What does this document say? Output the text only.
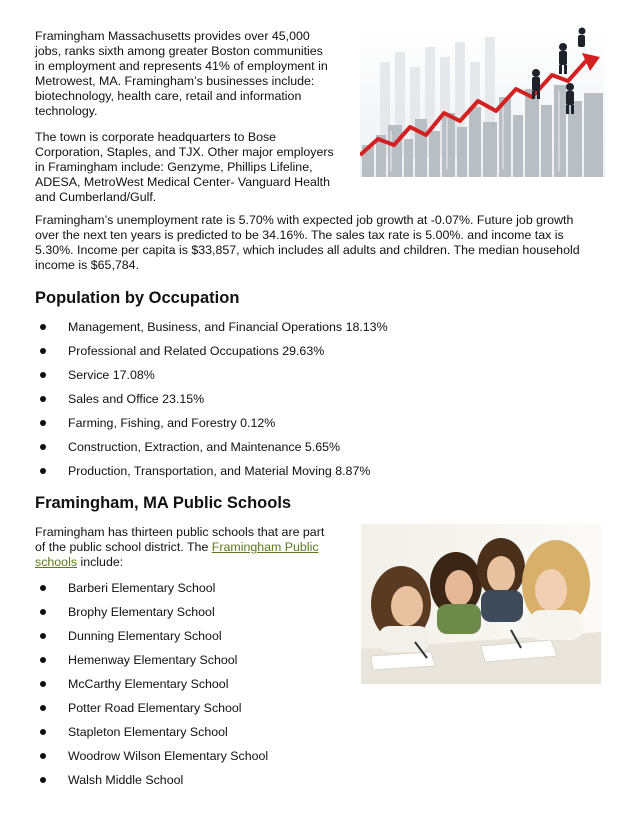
Framingham Massachusetts provides over 45,000
jobs, ranks sixth among greater Boston communities
in employment and represents 41% of employment in
Metrowest, MA. Framingham’s businesses include:
biotechnology, health care, retail and information
technology.
The town is corporate headquarters to Bose
Corporation, Staples, and TJX. Other major employers
in Framingham include: Genzyme, Phillips Lifeline,
ADESA, MetroWest Medical Center- Vanguard Health
and Cumberland/Gulf.
Framingham’s unemployment rate is 5.70% with expected job growth at -0.07%. Future job growth
over the next ten years is predicted to be 34.16%. The sales tax rate is 5.00%. and income tax is
5.30%. Income per capita is $33,857, which includes all adults and children. The median household
income is $65,784.
Population by Occupation
Management, Business, and Financial Operations 18.13%
Professional and Related Occupations 29.63%
Service 17.08%
Sales and Office 23.15%
Farming, Fishing, and Forestry 0.12%
Construction, Extraction, and Maintenance 5.65%
Production, Transportation, and Material Moving 8.87%
Framingham, MA Public Schools
Framingham has thirteen public schools that are part
of the public school district. The Framingham Public
schools include:
Barberi Elementary School
Brophy Elementary School
Dunning Elementary School
Hemenway Elementary School
McCarthy Elementary School
Potter Road Elementary School
Stapleton Elementary School
Woodrow Wilson Elementary School
Walsh Middle School
